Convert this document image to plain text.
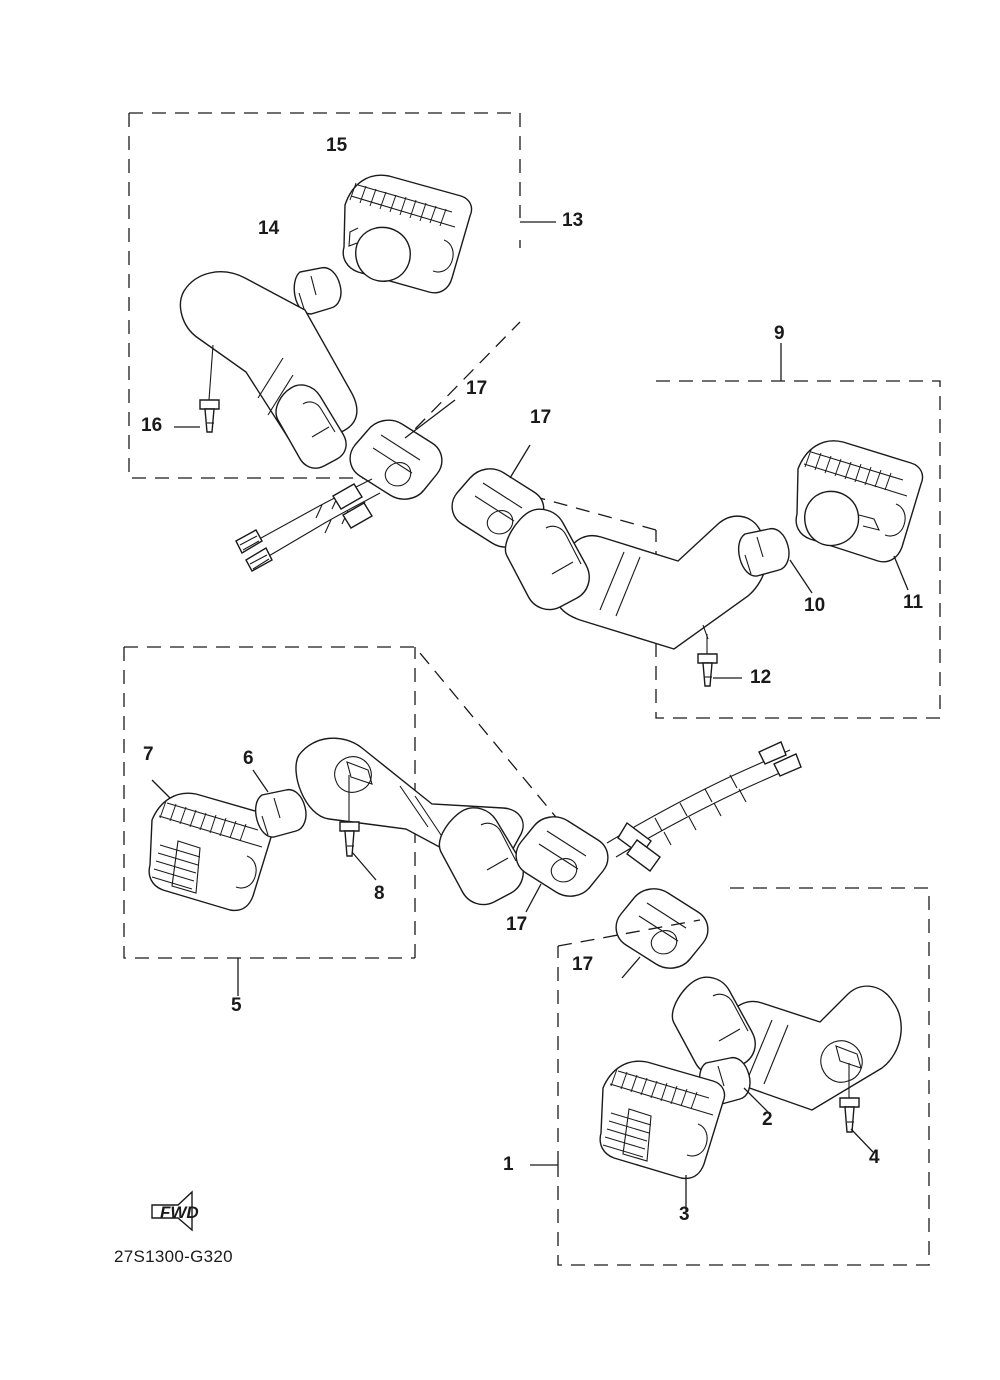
13
15
14
16
17
17
9
10	11
12
7	6
8
17
17
5
1
2
3
4
FWD
27S1300-G320
